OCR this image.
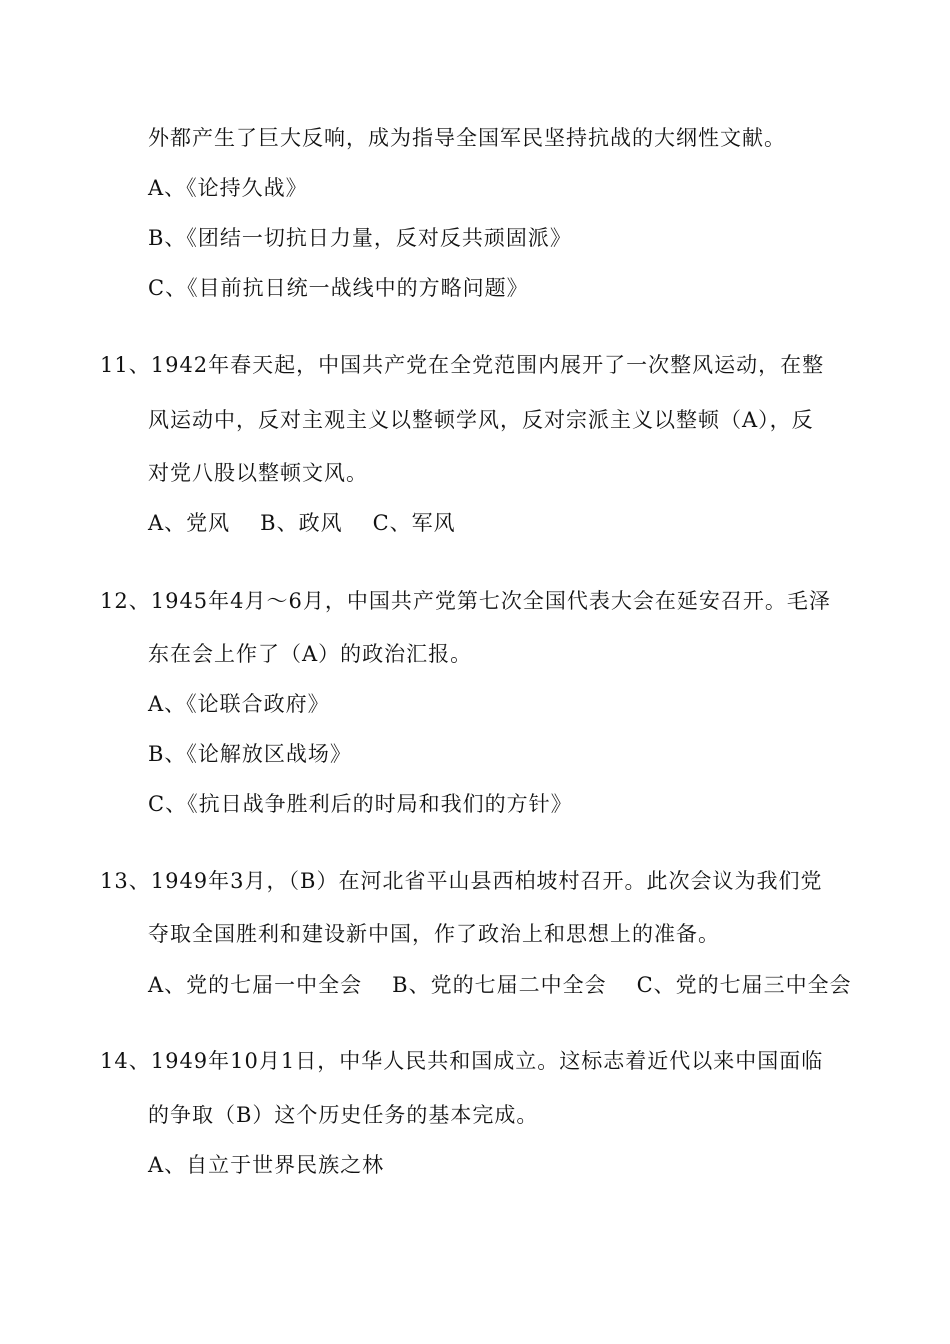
外都产生了巨大反响，成为指导全国军民坚持抗战的大纲性文献。
A、《论持久战》
B、《团结一切抗日力量，反对反共顽固派》
C、《目前抗日统一战线中的方略问题》
11、1942年春天起，中国共产党在全党范围内展开了一次整风运动，在整
风运动中，反对主观主义以整顿学风，反对宗派主义以整顿（A），反
对党八股以整顿文风。
A、党风 B、政风 C、军风
12、1945年4月～6月，中国共产党第七次全国代表大会在延安召开。毛泽
东在会上作了（A）的政治汇报。
A、《论联合政府》
B、《论解放区战场》
C、《抗日战争胜利后的时局和我们的方针》
13、1949年3月，（B）在河北省平山县西柏坡村召开。此次会议为我们党
夺取全国胜利和建设新中国，作了政治上和思想上的准备。
A、党的七届一中全会 B、党的七届二中全会 C、党的七届三中全会
14、1949年10月1日，中华人民共和国成立。这标志着近代以来中国面临
的争取（B）这个历史任务的基本完成。
A、自立于世界民族之林
